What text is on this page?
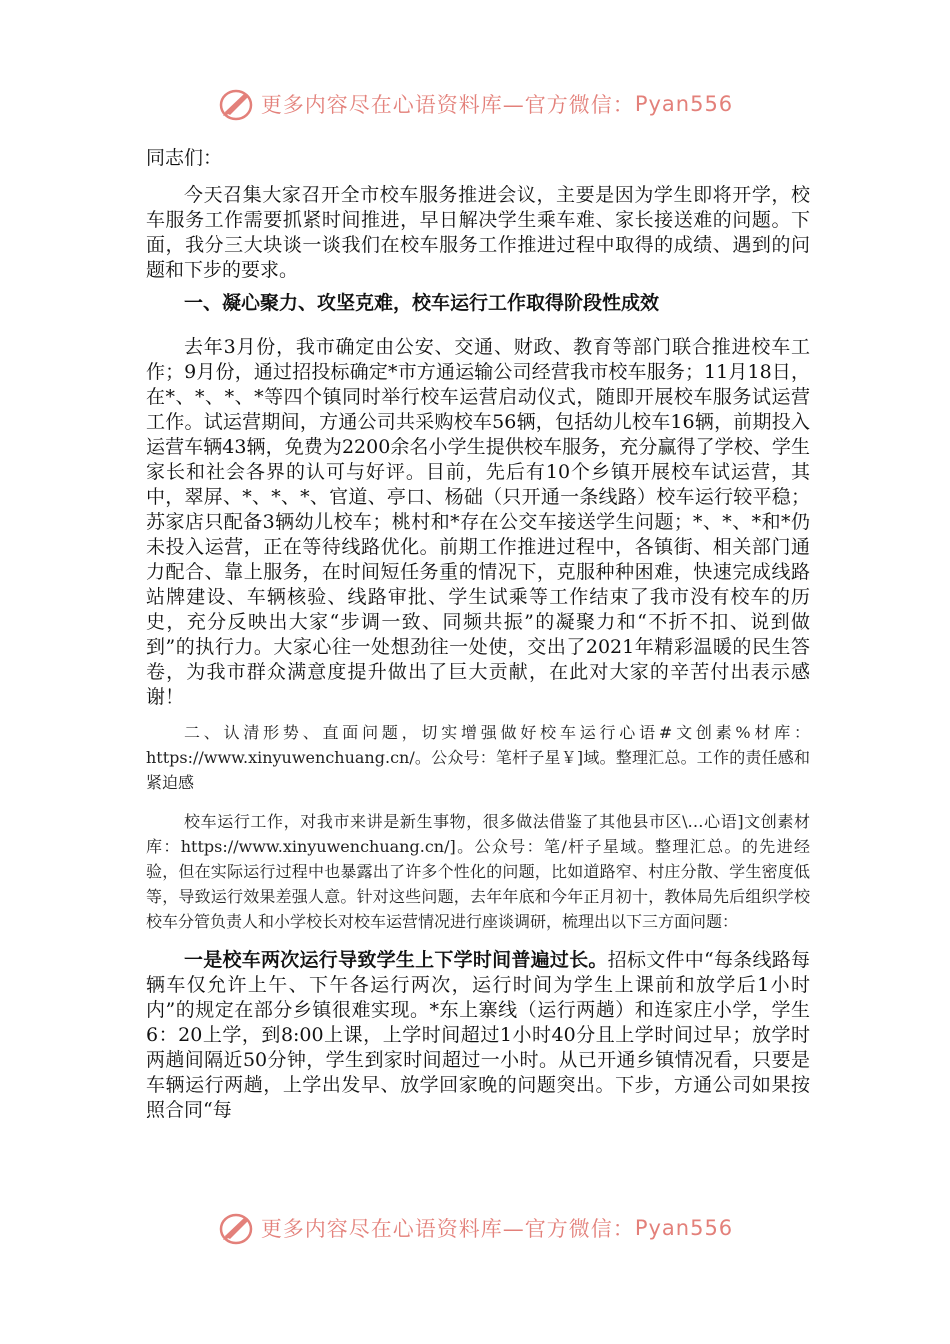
更多内容尽在心语资料库—官方微信： Pyan556

同志们：

今天召集大家召开全市校车服务推进会议，主要是因为学生即将开学，校车服务工作需要抓紧时间推进，早日解决学生乘车难、家长接送难的问题。下面，我分三大块谈一谈我们在校车服务工作推进过程中取得的成绩、遇到的问题和下步的要求。

一、凝心聚力、攻坚克难，校车运行工作取得阶段性成效

去年3月份，我市确定由公安、交通、财政、教育等部门联合推进校车工作；9月份，通过招投标确定*市方通运输公司经营我市校车服务；11月18日，在*、*、*、*等四个镇同时举行校车运营启动仪式，随即开展校车服务试运营工作。试运营期间，方通公司共采购校车56辆，包括幼儿校车16辆，前期投入运营车辆43辆，免费为2200余名小学生提供校车服务，充分赢得了学校、学生家长和社会各界的认可与好评。目前，先后有10个乡镇开展校车试运营，其中，翠屏、*、*、*、官道、亭口、杨础（只开通一条线路）校车运行较平稳；苏家店只配备3辆幼儿校车；桃村和*存在公交车接送学生问题；*、*、*和*仍未投入运营，正在等待线路优化。前期工作推进过程中，各镇街、相关部门通力配合、靠上服务，在时间短任务重的情况下，克服种种困难，快速完成线路站牌建设、车辆核验、线路审批、学生试乘等工作结束了我市没有校车的历史，充分反映出大家“步调一致、同频共振”的凝聚力和“不折不扣、说到做到”的执行力。大家心往一处想劲往一处使，交出了2021年精彩温暖的民生答卷，为我市群众满意度提升做出了巨大贡献，在此对大家的辛苦付出表示感谢！

二、认清形势、直面问题，切实增强做好校车运行心语#文创素%材库：https://www.xinyuwenchuang.cn/。公众号：笔杆子星￥]域。整理汇总。工作的责任感和紧迫感

校车运行工作，对我市来讲是新生事物，很多做法借鉴了其他县市区\…心语]文创素材库：https://www.xinyuwenchuang.cn/]。公众号：笔/杆子星域。整理汇总。的先进经验，但在实际运行过程中也暴露出了许多个性化的问题，比如道路窄、村庄分散、学生密度低等，导致运行效果差强人意。针对这些问题，去年年底和今年正月初十，教体局先后组织学校校车分管负责人和小学校长对校车运营情况进行座谈调研，梳理出以下三方面问题：

一是校车两次运行导致学生上下学时间普遍过长。招标文件中“每条线路每辆车仅允许上午、下午各运行两次，运行时间为学生上课前和放学后1小时内”的规定在部分乡镇很难实现。*东上寨线（运行两趟）和连家庄小学，学生6：20上学，到8:00上课，上学时间超过1小时40分且上学时间过早；放学时两趟间隔近50分钟，学生到家时间超过一小时。从已开通乡镇情况看，只要是车辆运行两趟，上学出发早、放学回家晚的问题突出。下步，方通公司如果按照合同“每

更多内容尽在心语资料库—官方微信： Pyan556
